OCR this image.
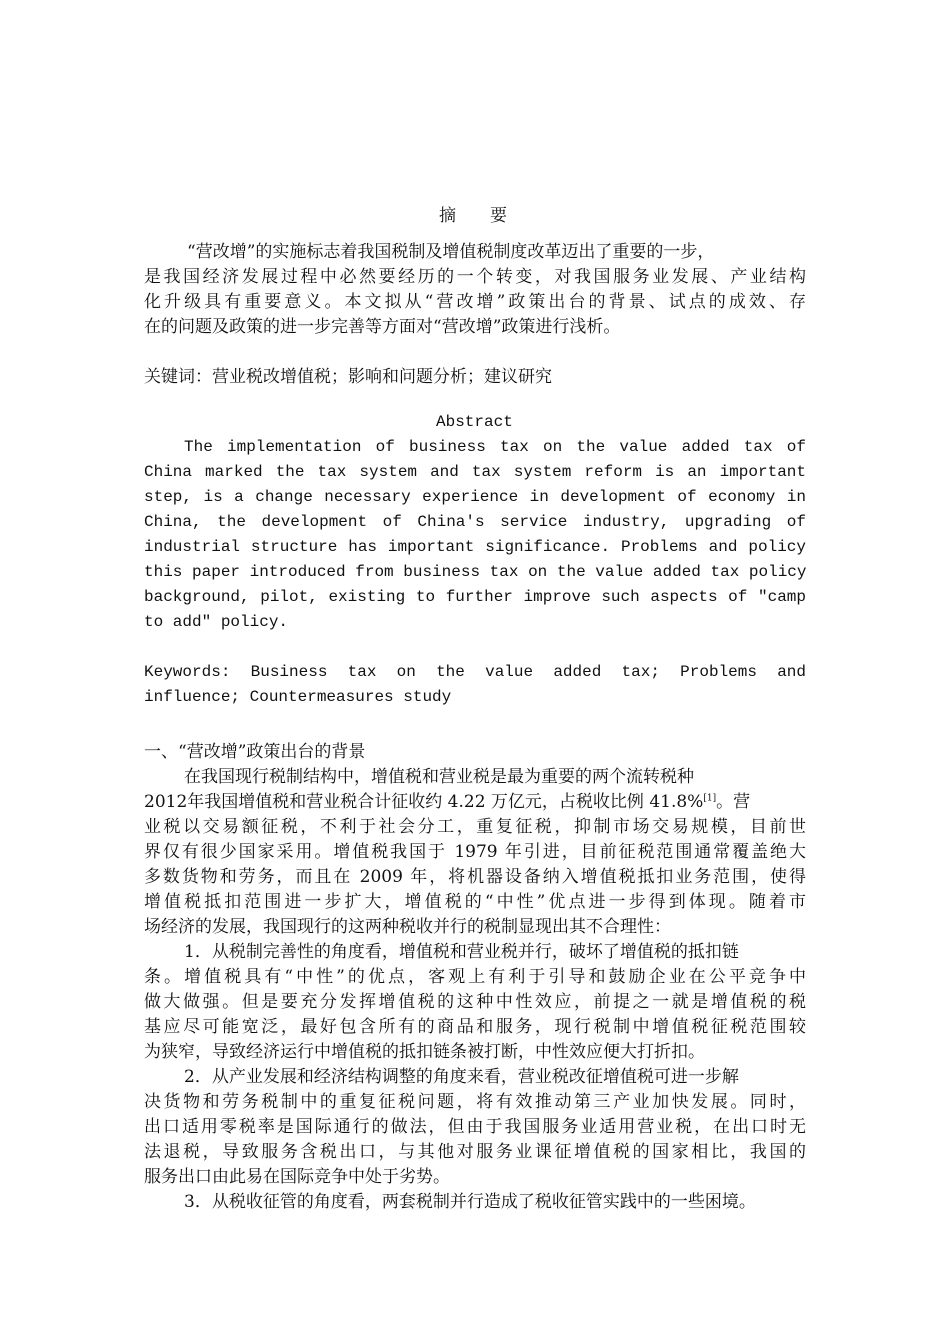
摘　　要
“营改增”的实施标志着我国税制及增值税制度改革迈出了重要的一步，
是我国经济发展过程中必然要经历的一个转变，对我国服务业发展、产业结构
化升级具有重要意义。本文拟从“营改增”政策出台的背景、试点的成效、存
在的问题及政策的进一步完善等方面对“营改增”政策进行浅析。
关键词：营业税改增值税；影响和问题分析；建议研究
Abstract
The implementation of business tax on the value added tax of
China marked the tax system and tax system reform is an important
step, is a change necessary experience in development of economy in
China, the development of China's service industry, upgrading of
industrial structure has important significance. Problems and policy
this paper introduced from business tax on the value added tax policy
background, pilot, existing to further improve such aspects of "camp
to add" policy.
Keywords: Business tax on the value added tax; Problems and
influence; Countermeasures study
一、“营改增”政策出台的背景
在我国现行税制结构中，增值税和营业税是最为重要的两个流转税种
2012年我国增值税和营业税合计征收约 4.22 万亿元，占税收比例 41.8%[1]。营
业税以交易额征税，不利于社会分工，重复征税，抑制市场交易规模，目前世
界仅有很少国家采用。增值税我国于 1979 年引进，目前征税范围通常覆盖绝大
多数货物和劳务，而且在 2009 年，将机器设备纳入增值税抵扣业务范围，使得
增值税抵扣范围进一步扩大，增值税的“中性”优点进一步得到体现。随着市
场经济的发展，我国现行的这两种税收并行的税制显现出其不合理性：
1．从税制完善性的角度看，增值税和营业税并行，破坏了增值税的抵扣链
条。增值税具有“中性”的优点，客观上有利于引导和鼓励企业在公平竞争中
做大做强。但是要充分发挥增值税的这种中性效应，前提之一就是增值税的税
基应尽可能宽泛，最好包含所有的商品和服务，现行税制中增值税征税范围较
为狭窄，导致经济运行中增值税的抵扣链条被打断，中性效应便大打折扣。
2．从产业发展和经济结构调整的角度来看，营业税改征增值税可进一步解
决货物和劳务税制中的重复征税问题，将有效推动第三产业加快发展。同时，
出口适用零税率是国际通行的做法，但由于我国服务业适用营业税，在出口时无
法退税，导致服务含税出口，与其他对服务业课征增值税的国家相比，我国的
服务出口由此易在国际竞争中处于劣势。
3．从税收征管的角度看，两套税制并行造成了税收征管实践中的一些困境。
